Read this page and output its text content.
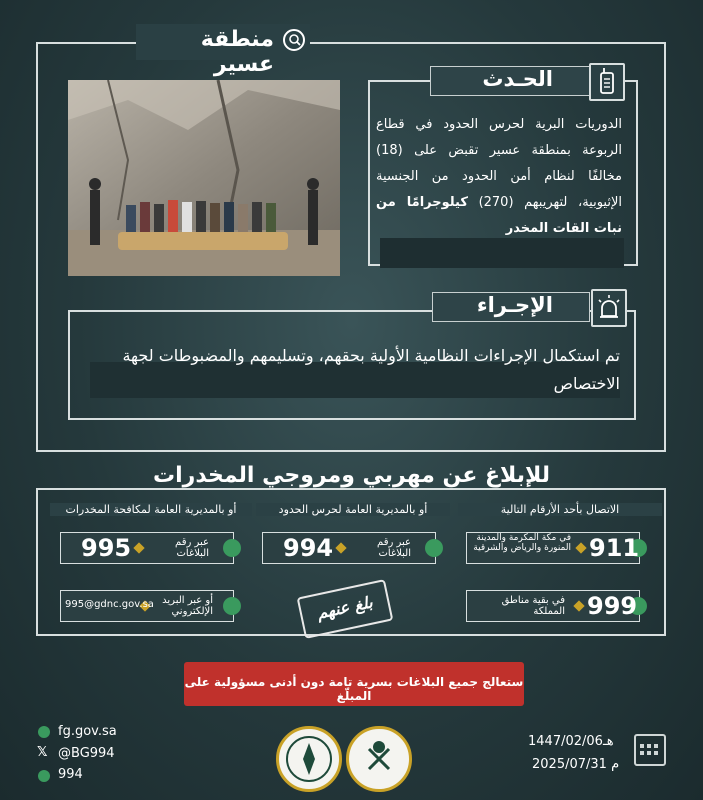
منطقة عسير
الدوريات البرية لحرس الحدود في قطاع الربوعة بمنطقة عسير تقبض على (18) مخالفًا لنظام أمن الحدود من الجنسية الإثيوبية، لتهريبهم (270) كيلوجرامًا من نبات القات المخدر
الحـدث
تم استكمال الإجراءات النظامية الأولية بحقهم، وتسليمهم والمضبوطات لجهة الاختصاص
الإجـراء
للإبلاغ عن مهربي ومروجي المخدرات
الاتصال بأحد الأرقام التالية
أو بالمديرية العامة لحرس الحدود
أو بالمديرية العامة لمكافحة المخدرات
911
في مكة المكرمة والمدينة المنورة والرياض والشرقية
999
في بقية مناطق المملكة
عبر رقم البلاغات
994
عبر رقم البلاغات
995
أو عبر البريد الإلكتروني
995@gdnc.gov.sa	بلغ عنهم
ستعالج جميع البلاغات بسرية تامة دون أدنى مسؤولية على المبلّغ
fg.gov.sa
𝕏 @BG994
994
1447/02/06هـ
2025/07/31 م
